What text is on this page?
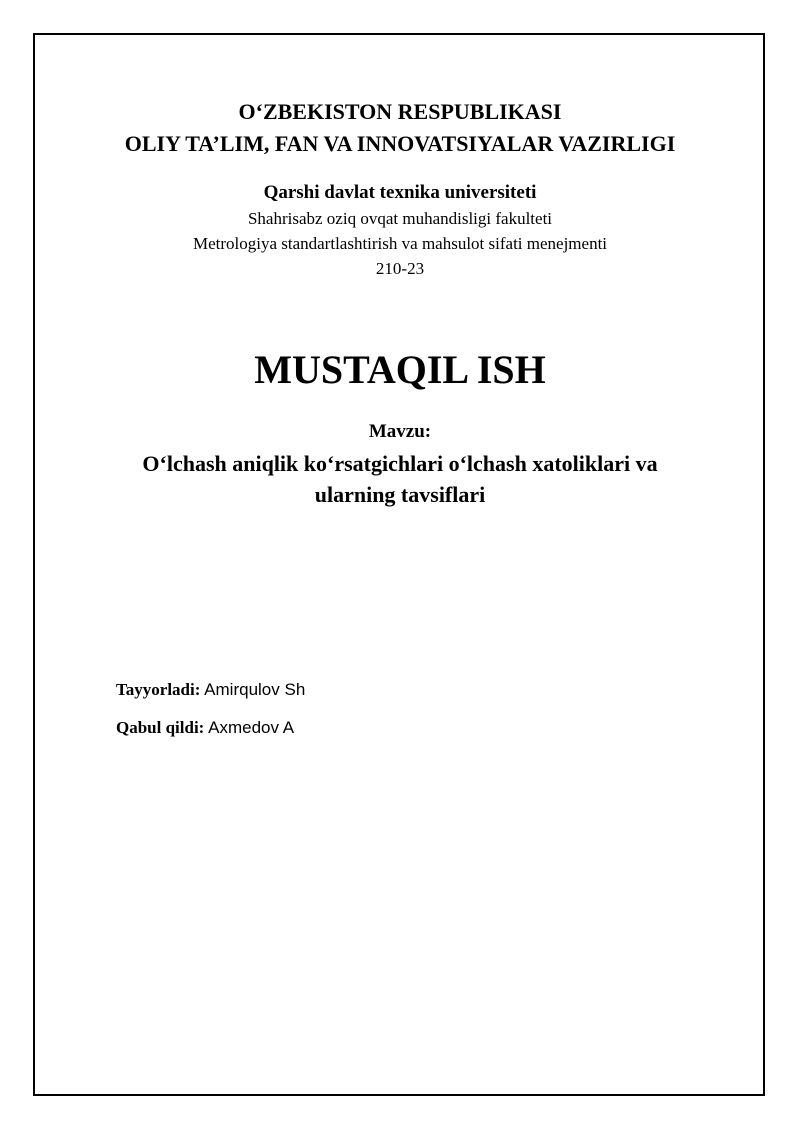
O‘ZBEKISTON RESPUBLIKASI
OLIY TA’LIM, FAN VA INNOVATSIYALAR VAZIRLIGI
Qarshi davlat texnika universiteti
Shahrisabz oziq ovqat muhandisligi fakulteti
Metrologiya standartlashtirish va mahsulot sifati menejmenti
210-23
MUSTAQIL ISH
Mavzu:
O‘lchash aniqlik ko‘rsatgichlari o‘lchash xatoliklari va
ularning tavsiflari
Tayyorladi: Amirqulov Sh
Qabul qildi: Axmedov A
